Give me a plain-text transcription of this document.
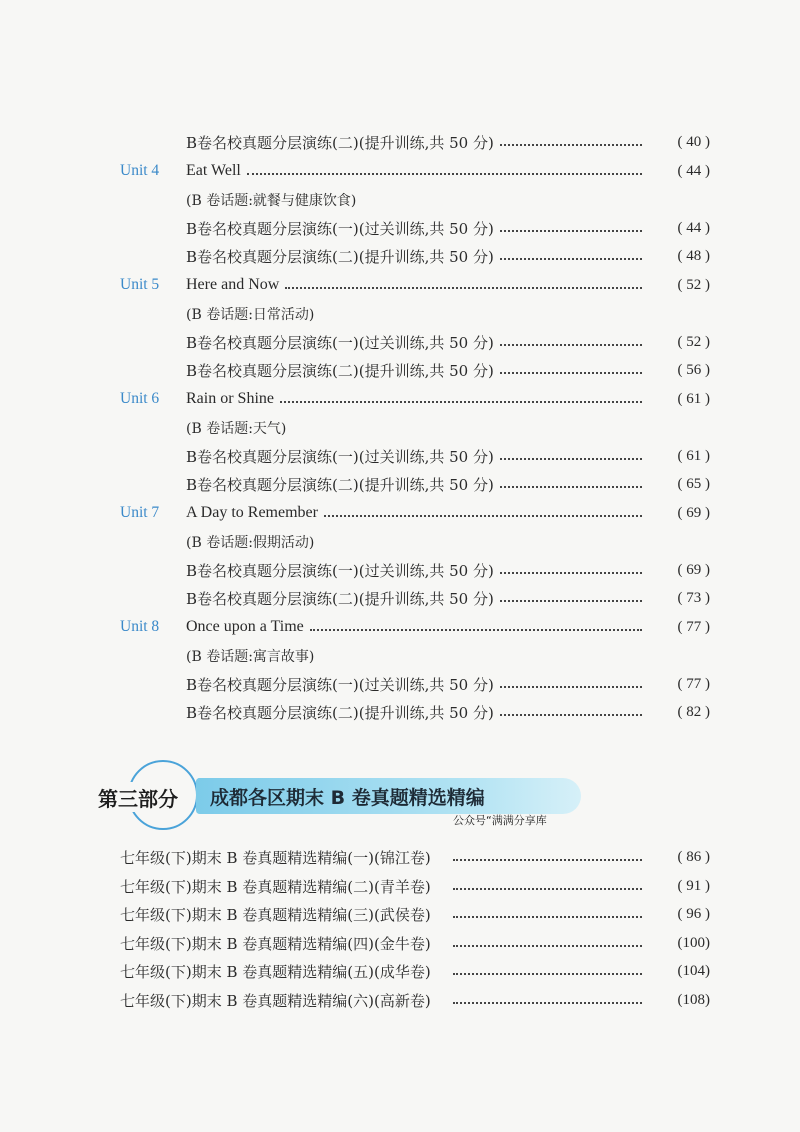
B卷名校真题分层演练(二)(提升训练,共 50 分)	( 40 )
Unit 4	Eat Well	( 44 )
(B 卷话题:就餐与健康饮食)
B卷名校真题分层演练(一)(过关训练,共 50 分)	( 44 )
B卷名校真题分层演练(二)(提升训练,共 50 分)	( 48 )
Unit 5	Here and Now	( 52 )
(B 卷话题:日常活动)
B卷名校真题分层演练(一)(过关训练,共 50 分)	( 52 )
B卷名校真题分层演练(二)(提升训练,共 50 分)	( 56 )
Unit 6	Rain or Shine	( 61 )
(B 卷话题:天气)
B卷名校真题分层演练(一)(过关训练,共 50 分)	( 61 )
B卷名校真题分层演练(二)(提升训练,共 50 分)	( 65 )
Unit 7	A Day to Remember	( 69 )
(B 卷话题:假期活动)
B卷名校真题分层演练(一)(过关训练,共 50 分)	( 69 )
B卷名校真题分层演练(二)(提升训练,共 50 分)	( 73 )
Unit 8	Once upon a Time	( 77 )
(B 卷话题:寓言故事)
B卷名校真题分层演练(一)(过关训练,共 50 分)	( 77 )
B卷名校真题分层演练(二)(提升训练,共 50 分)	( 82 )
第三部分	成都各区期末 B 卷真题精选精编
公众号“满满分享库
七年级(下)期末 B 卷真题精选精编(一)(锦江卷)	( 86 )
七年级(下)期末 B 卷真题精选精编(二)(青羊卷)	( 91 )
七年级(下)期末 B 卷真题精选精编(三)(武侯卷)	( 96 )
七年级(下)期末 B 卷真题精选精编(四)(金牛卷)	(100)
七年级(下)期末 B 卷真题精选精编(五)(成华卷)	(104)
七年级(下)期末 B 卷真题精选精编(六)(高新卷)	(108)
